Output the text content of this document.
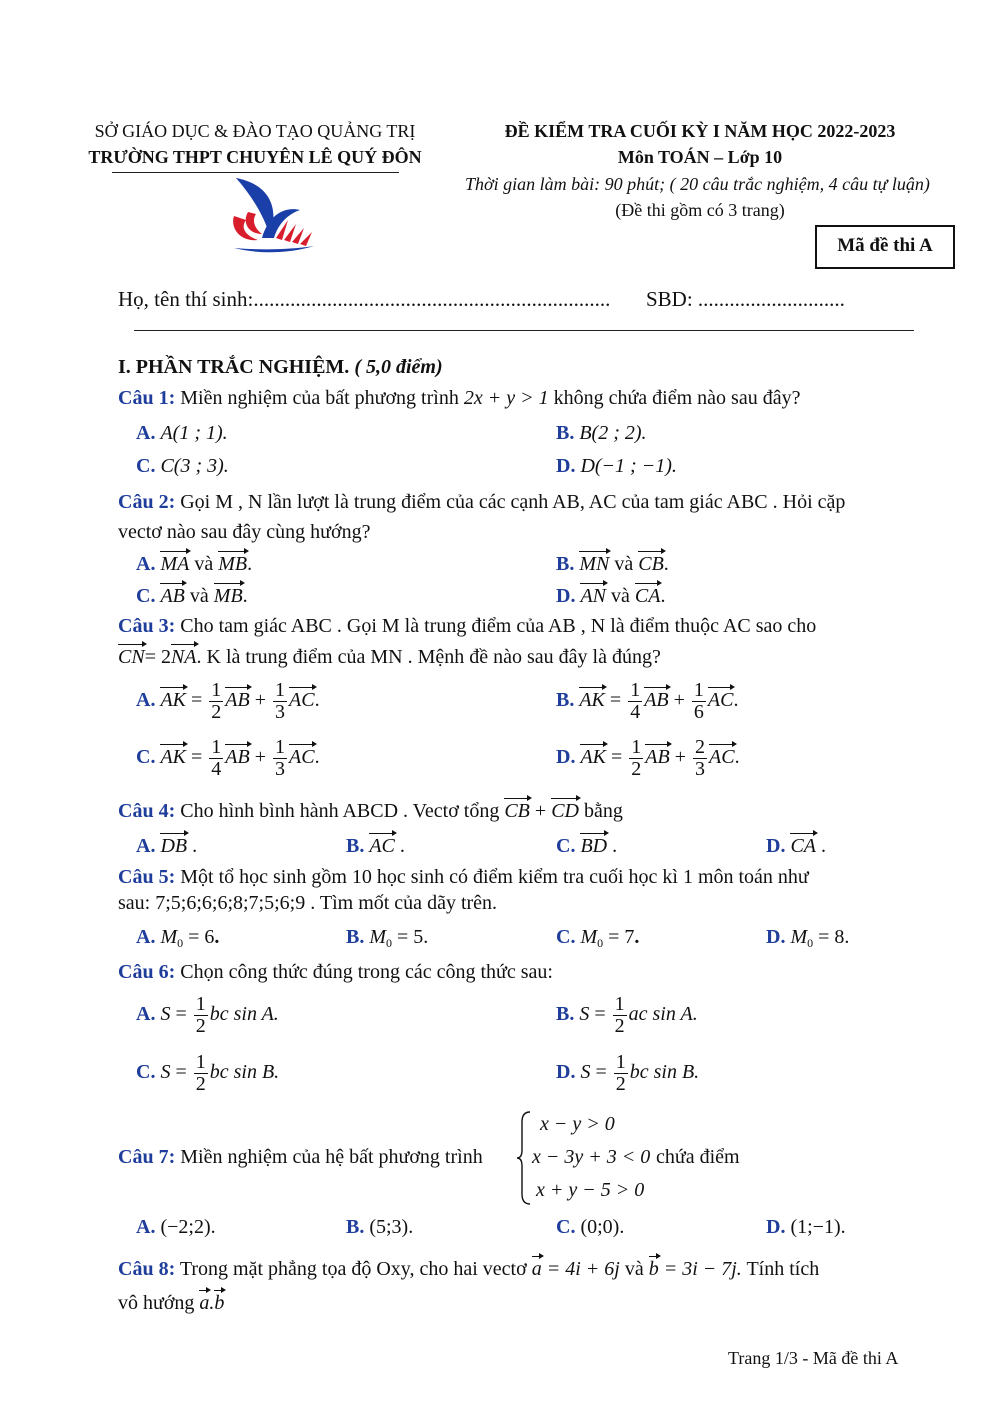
SỞ GIÁO DỤC & ĐÀO TẠO QUẢNG TRỊ
TRƯỜNG THPT CHUYÊN LÊ QUÝ ĐÔN
ĐỀ KIỂM TRA CUỐI KỲ I NĂM HỌC 2022-2023
Môn TOÁN – Lớp 10
Thời gian làm bài: 90 phút; ( 20 câu trắc nghiệm, 4 câu tự luận)
(Đề thi gồm có 3 trang)
Mã đề thi A
Họ, tên thí sinh:.................................................................... SBD: ............................
I. PHẦN TRẮC NGHIỆM. ( 5,0 điểm)
Câu 1: Miền nghiệm của bất phương trình 2x + y > 1 không chứa điểm nào sau đây?
A. A(1 ; 1).	B. B(2 ; 2).
C. C(3 ; 3).	D. D(−1 ; −1).
Câu 2: Gọi M , N lần lượt là trung điểm của các cạnh AB, AC của tam giác ABC . Hỏi cặp
vectơ nào sau đây cùng hướng?
A. MA và MB.	B. MN và CB.
C. AB và MB.	D. AN và CA.
Câu 3: Cho tam giác ABC . Gọi M là trung điểm của AB , N là điểm thuộc AC sao cho
CN= 2NA. K là trung điểm của MN . Mệnh đề nào sau đây là đúng?
A. AK = $\frac{1}{2}$ AB + $\frac{1}{3}$ AC.	B. AK = $\frac{1}{4}$ AB + $\frac{1}{6}$ AC.
C. AK = $\frac{1}{4}$ AB + $\frac{1}{3}$ AC.	D. AK = $\frac{1}{2}$ AB + $\frac{2}{3}$ AC.
Câu 4: Cho hình bình hành ABCD . Vectơ tổng CB + CD bằng
A. DB .	B. AC .	C. BD .	D. CA .
Câu 5: Một tổ học sinh gồm 10 học sinh có điểm kiểm tra cuối học kì 1 môn toán như
sau: 7;5;6;6;6;8;7;5;6;9 . Tìm mốt của dãy trên.
A. $M_0 = 6$.	B. $M_0 = 5$.	C. $M_0 = 7$.	D. $M_0 = 8$.
Câu 6: Chọn công thức đúng trong các công thức sau:
A. $S = \frac{1}{2}$ bc sin A.	B. $S = \frac{1}{2}$ ac sin A.
C. $S = \frac{1}{2}$ bc sin B.	D. $S = \frac{1}{2}$ bc sin B.
Câu 7: Miền nghiệm của hệ bất phương trình
x − y > 0
x − 3y + 3 < 0
x + y − 5 > 0
chứa điểm
A. (−2;2).	B. (5;3).	C. (0;0).	D. (1;−1).
Câu 8: Trong mặt phẳng tọa độ Oxy, cho hai vectơ a = 4i + 6j và b = 3i − 7j. Tính tích
vô hướng a.b
Trang 1/3 - Mã đề thi A
